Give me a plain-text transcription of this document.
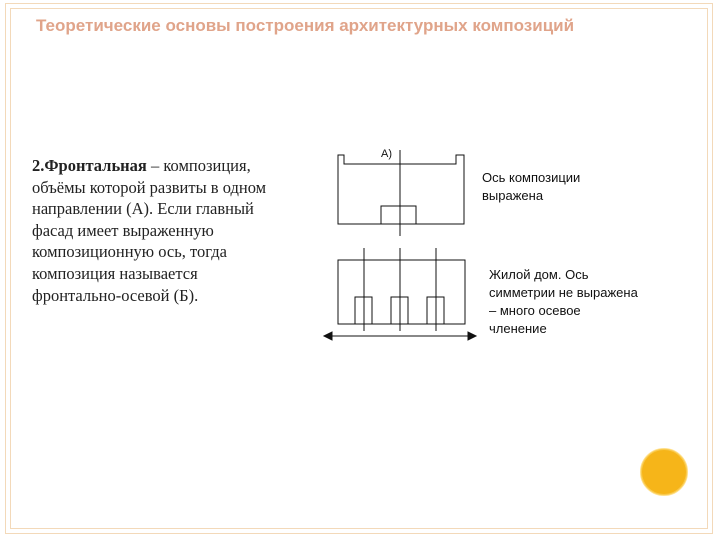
Теоретические основы построения архитектурных композиций
2.Фронтальная – композиция, объёмы которой развиты в одном направлении (А). Если главный фасад имеет выраженную композиционную ось, тогда композиция называется фронтально-осевой (Б).
А)
Ось композиции выражена
Жилой дом. Ось симметрии не выражена – много осевое членение
